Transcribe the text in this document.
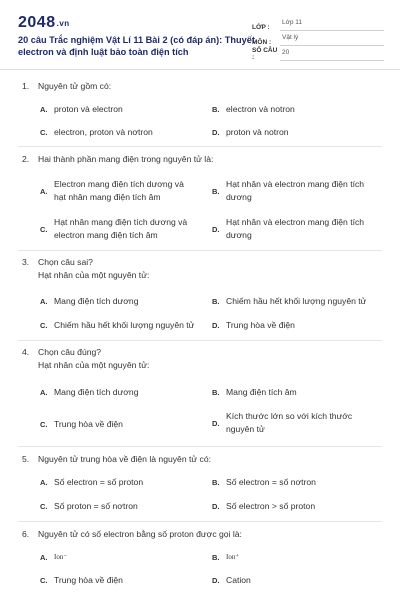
2048.vn
20 câu Trắc nghiệm Vật Lí 11 Bài 2 (có đáp án): Thuyết electron và định luật bảo toàn điện tích
LỚP :
Lớp 11
MÔN :
Vật lý
SỐ CÂU :
20
1. Nguyên tử gồm có:
A. proton và electron	B. electron và notron
C. electron, proton và nơtron	D. proton và notron
2. Hai thành phần mang điện trong nguyên tử là:
A.
Electron mang điện tích dương và
hạt nhân mang điện tích âm
B.
Hạt nhân và electron mang điện tích
dương
C.
Hạt nhân mang điện tích dương và
electron mang điện tích âm
D.
Hạt nhân và electron mang điện tích
dương
3. Chọn câu sai?
Hạt nhân của một nguyên tử:
A. Mang điện tích dương	B. Chiếm hầu hết khối lượng nguyên tử
C. Chiếm hầu hết khối lượng nguyên tử D. Trung hòa về điện
4. Chọn câu đúng?
Hạt nhân của một nguyên tử:
A. Mang điện tích dương	B. Mang điện tích âm
C. Trung hòa về điện	D.
Kích thước lớn so với kích thước
nguyên tử
5. Nguyên tử trung hòa về điện là nguyên tử có:
A. Số electron = số proton	B. Số electron = số nơtron
C. Số proton = số nơtron	D. Số electron > số proton
6. Nguyên tử có số electron bằng số proton được gọi là:
A. Ion⁻	B. Ion⁺
C. Trung hòa về điện	D. Cation
